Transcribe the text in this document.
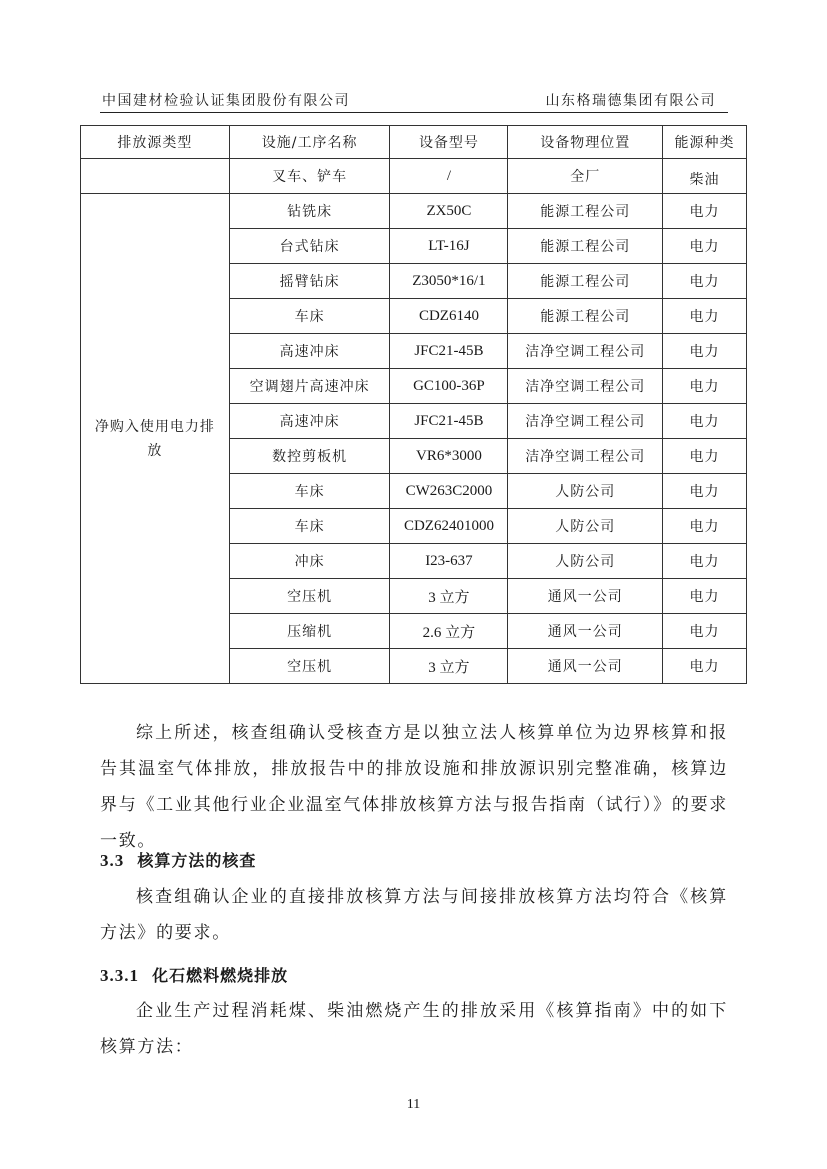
中国建材检验认证集团股份有限公司	山东格瑞德集团有限公司
排放源类型	设施/工序名称	设备型号	设备物理位置	能源种类
	叉车、铲车	/	全厂	柴油
净购入使用电力排放	钻铣床	ZX50C	能源工程公司	电力
	台式钻床	LT-16J	能源工程公司	电力
	摇臂钻床	Z3050*16/1	能源工程公司	电力
	车床	CDZ6140	能源工程公司	电力
	高速冲床	JFC21-45B	洁净空调工程公司	电力
	空调翅片高速冲床	GC100-36P	洁净空调工程公司	电力
	高速冲床	JFC21-45B	洁净空调工程公司	电力
	数控剪板机	VR6*3000	洁净空调工程公司	电力
	车床	CW263C2000	人防公司	电力
	车床	CDZ62401000	人防公司	电力
	冲床	I23-637	人防公司	电力
	空压机	3 立方	通风一公司	电力
	压缩机	2.6 立方	通风一公司	电力
	空压机	3 立方	通风一公司	电力
综上所述，核查组确认受核查方是以独立法人核算单位为边界核算和报告其温室气体排放，排放报告中的排放设施和排放源识别完整准确，核算边界与《工业其他行业企业温室气体排放核算方法与报告指南（试行）》的要求一致。
3.3 核算方法的核查
核查组确认企业的直接排放核算方法与间接排放核算方法均符合《核算方法》的要求。
3.3.1 化石燃料燃烧排放
企业生产过程消耗煤、柴油燃烧产生的排放采用《核算指南》中的如下核算方法：
11
